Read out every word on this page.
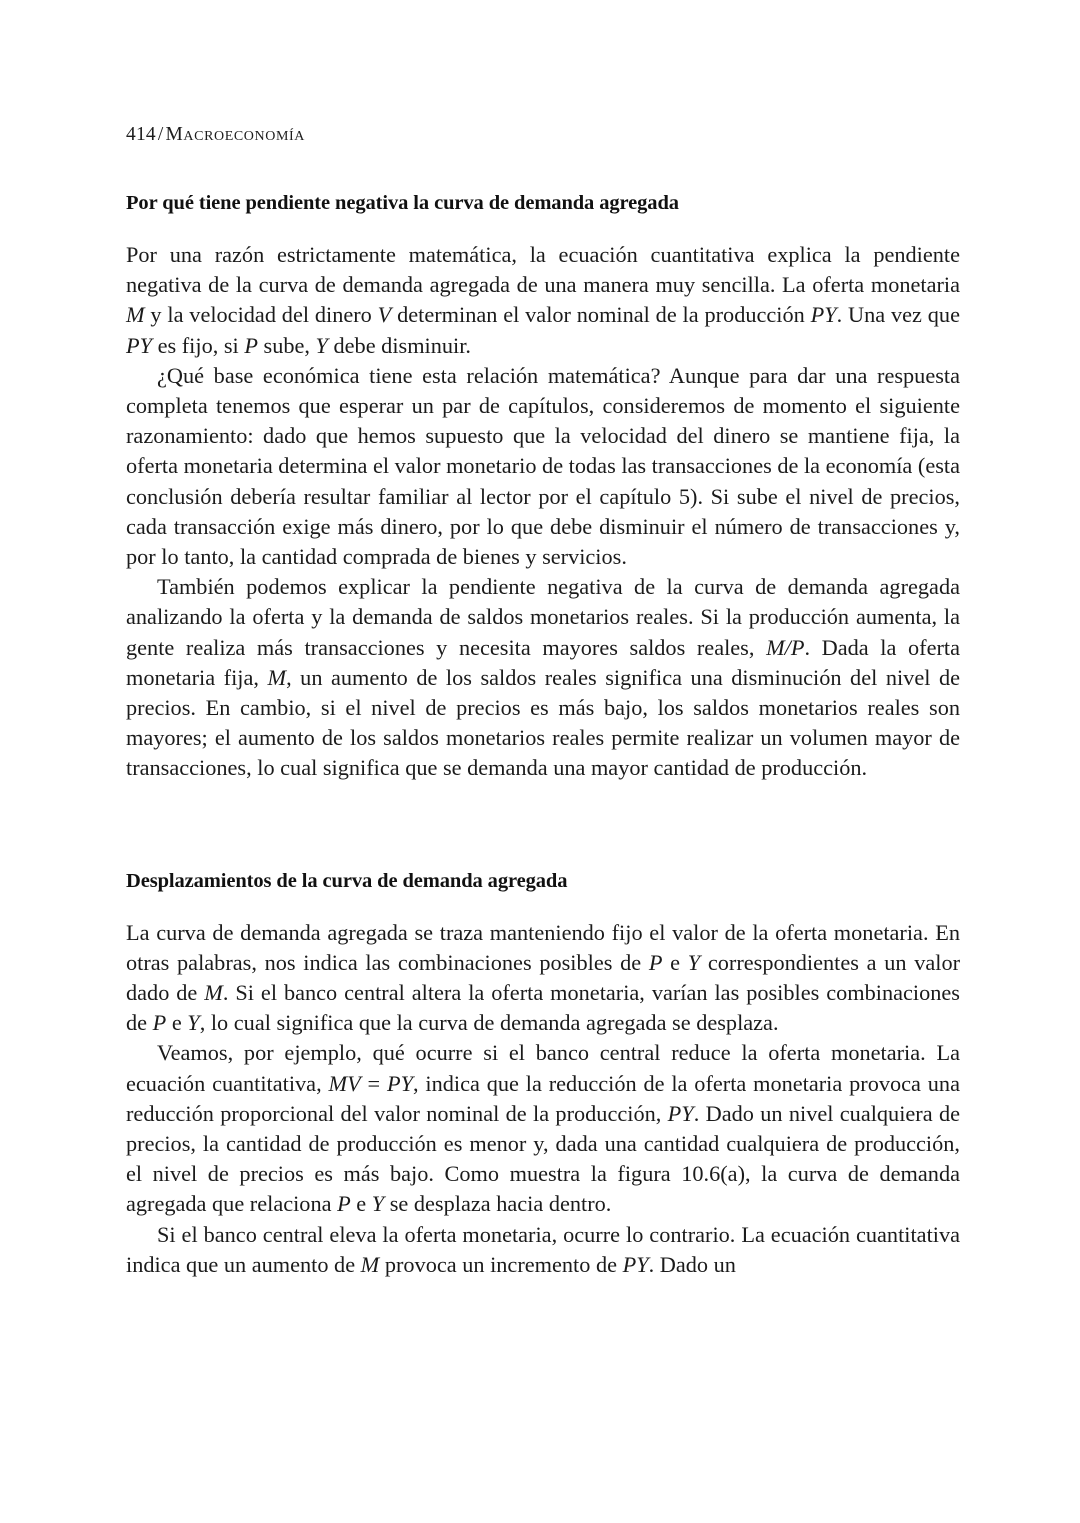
414 / Macroeconomía
Por qué tiene pendiente negativa la curva de demanda agregada

Por una razón estrictamente matemática, la ecuación cuantitativa explica la pendiente negativa de la curva de demanda agregada de una manera muy sencilla. La oferta monetaria M y la velocidad del dinero V determinan el valor nominal de la producción PY. Una vez que PY es fijo, si P sube, Y debe disminuir.

¿Qué base económica tiene esta relación matemática? Aunque para dar una respuesta completa tenemos que esperar un par de capítulos, consideremos de momento el siguiente razonamiento: dado que hemos supuesto que la velocidad del dinero se mantiene fija, la oferta monetaria determina el valor monetario de todas las transacciones de la economía (esta conclusión debería resultar familiar al lector por el capítulo 5). Si sube el nivel de precios, cada transacción exige más dinero, por lo que debe disminuir el número de transacciones y, por lo tanto, la cantidad comprada de bienes y servicios.

También podemos explicar la pendiente negativa de la curva de demanda agregada analizando la oferta y la demanda de saldos monetarios reales. Si la producción aumenta, la gente realiza más transacciones y necesita mayores saldos reales, M/P. Dada la oferta monetaria fija, M, un aumento de los saldos reales significa una disminución del nivel de precios. En cambio, si el nivel de precios es más bajo, los saldos monetarios reales son mayores; el aumento de los saldos monetarios reales permite realizar un volumen mayor de transacciones, lo cual significa que se demanda una mayor cantidad de producción.

Desplazamientos de la curva de demanda agregada

La curva de demanda agregada se traza manteniendo fijo el valor de la oferta monetaria. En otras palabras, nos indica las combinaciones posibles de P e Y correspondientes a un valor dado de M. Si el banco central altera la oferta monetaria, varían las posibles combinaciones de P e Y, lo cual significa que la curva de demanda agregada se desplaza.

Veamos, por ejemplo, qué ocurre si el banco central reduce la oferta monetaria. La ecuación cuantitativa, MV = PY, indica que la reducción de la oferta monetaria provoca una reducción proporcional del valor nominal de la producción, PY. Dado un nivel cualquiera de precios, la cantidad de producción es menor y, dada una cantidad cualquiera de producción, el nivel de precios es más bajo. Como muestra la figura 10.6(a), la curva de demanda agregada que relaciona P e Y se desplaza hacia dentro.

Si el banco central eleva la oferta monetaria, ocurre lo contrario. La ecuación cuantitativa indica que un aumento de M provoca un incremento de PY. Dado un
